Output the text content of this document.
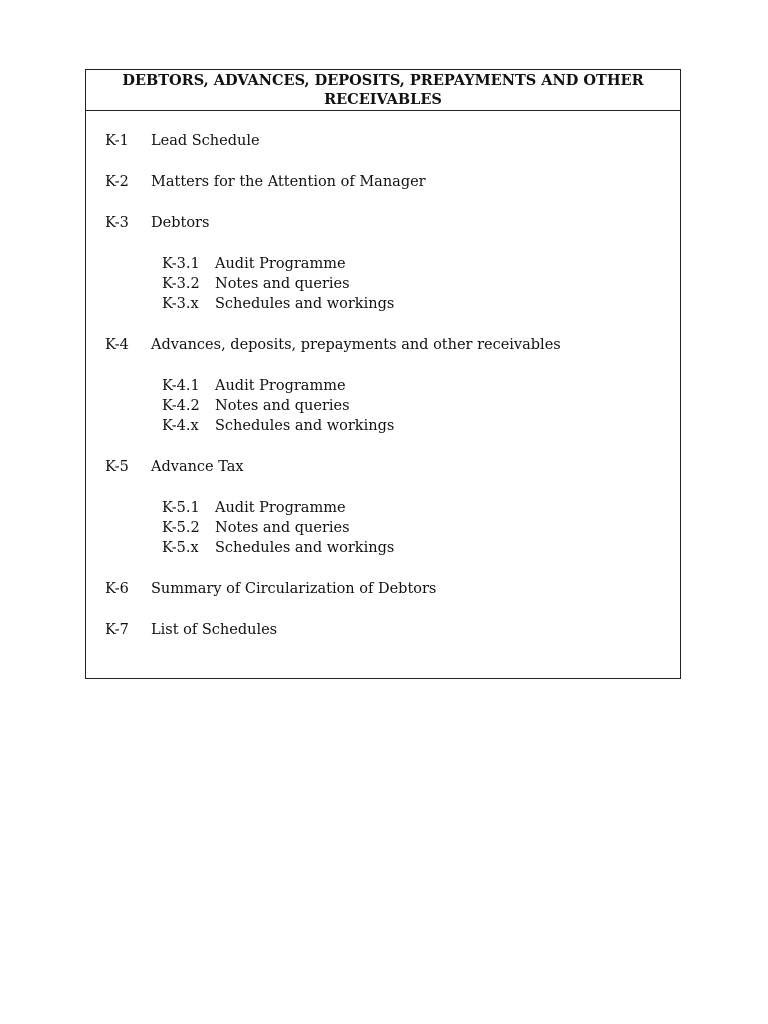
DEBTORS, ADVANCES, DEPOSITS, PREPAYMENTS AND OTHER
RECEIVABLES
K-1 Lead Schedule
K-2 Matters for the Attention of Manager
K-3 Debtors
K-3.1 Audit Programme
K-3.2 Notes and queries
K-3.x Schedules and workings
K-4 Advances, deposits, prepayments and other receivables
K-4.1 Audit Programme
K-4.2 Notes and queries
K-4.x Schedules and workings
K-5 Advance Tax
K-5.1 Audit Programme
K-5.2 Notes and queries
K-5.x Schedules and workings
K-6 Summary of Circularization of Debtors
K-7 List of Schedules
